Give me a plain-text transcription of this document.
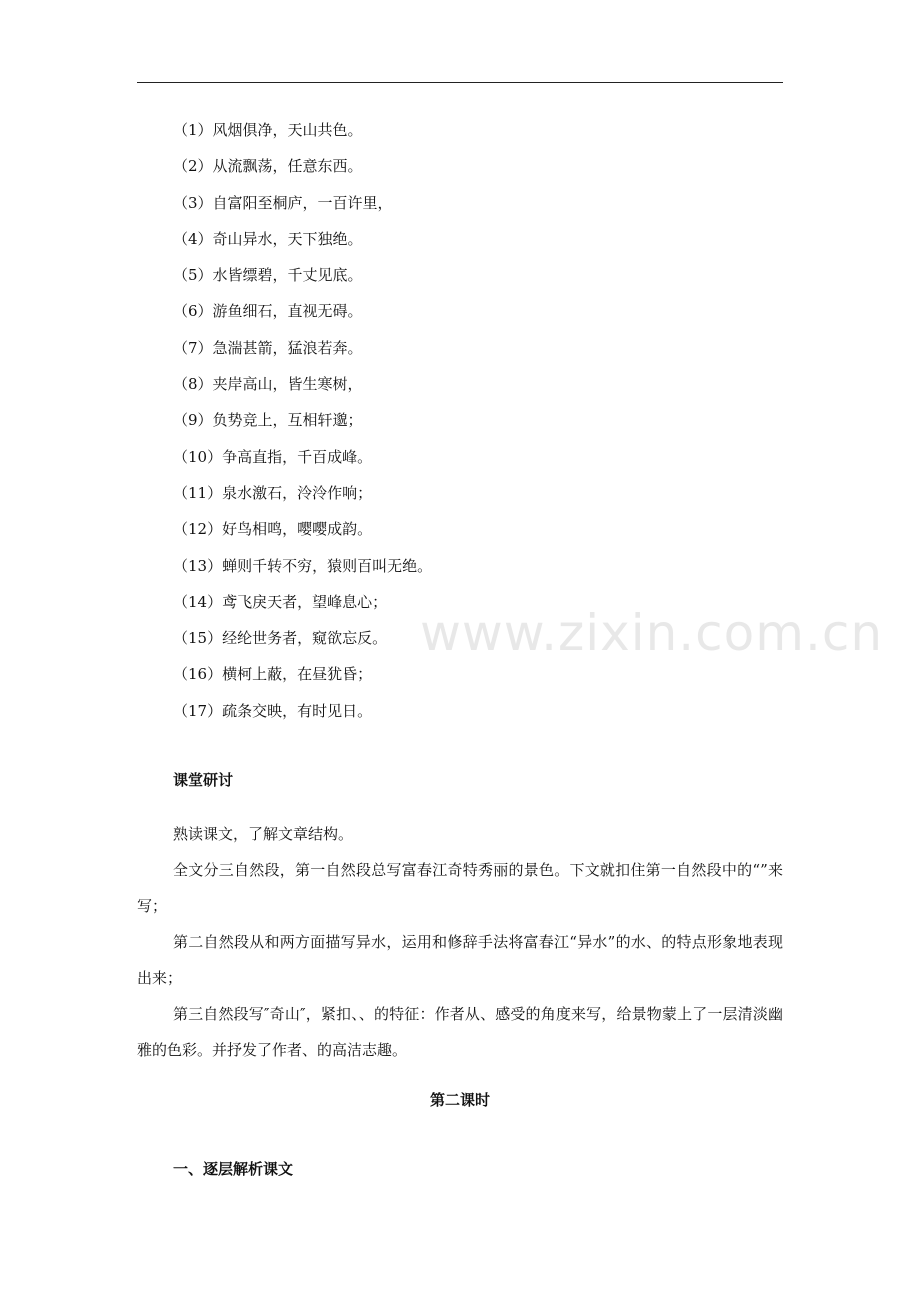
（1）风烟俱净，天山共色。
（2）从流飘荡，任意东西。
（3）自富阳至桐庐，一百许里，
（4）奇山异水，天下独绝。
（5）水皆缥碧，千丈见底。
（6）游鱼细石，直视无碍。
（7）急湍甚箭，猛浪若奔。
（8）夹岸高山，皆生寒树，
（9）负势竞上，互相轩邈；
（10）争高直指，千百成峰。
（11）泉水激石，泠泠作响；
（12）好鸟相鸣，嘤嘤成韵。
（13）蝉则千转不穷，猿则百叫无绝。
（14）鸢飞戾天者，望峰息心；
（15）经纶世务者，窥欲忘反。
（16）横柯上蔽，在昼犹昏；
（17）疏条交映，有时见日。
课堂研讨

熟读课文，了解文章结构。

全文分三自然段，第一自然段总写富春江奇特秀丽的景色。下文就扣住第一自然段中的“”来写；

第二自然段从和两方面描写异水，运用和修辞手法将富春江“异水”的水、的特点形象地表现出来；

第三自然段写″奇山″，紧扣、、的特征：作者从、感受的角度来写，给景物蒙上了一层清淡幽雅的色彩。并抒发了作者、的高洁志趣。

第二课时
一、逐层解析课文
www.zixin.com.cn
